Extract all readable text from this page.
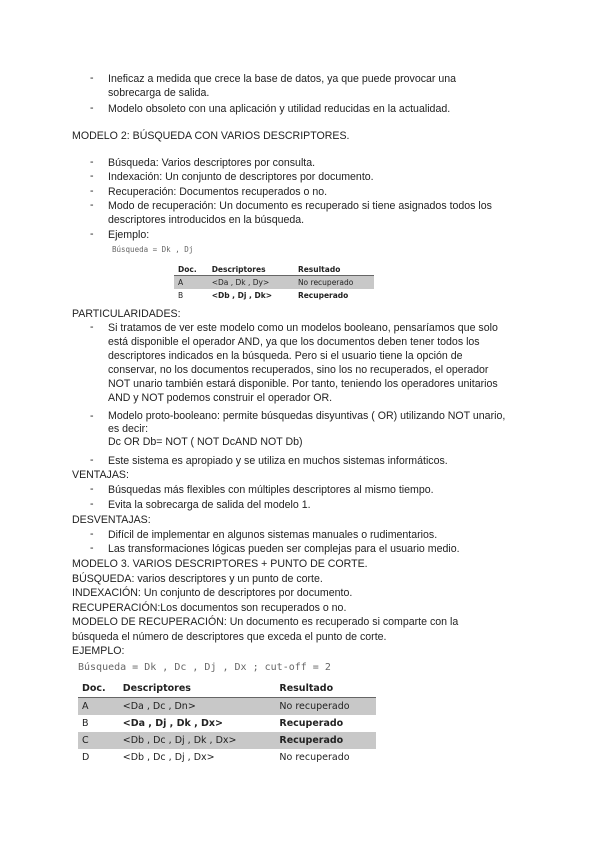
- Ineficaz a medida que crece la base de datos, ya que puede provocar una
sobrecarga de salida.
- Modelo obsoleto con una aplicación y utilidad reducidas en la actualidad.
MODELO 2: BÚSQUEDA CON VARIOS DESCRIPTORES.
- Búsqueda: Varios descriptores por consulta.
- Indexación: Un conjunto de descriptores por documento.
- Recuperación: Documentos recuperados o no.
- Modo de recuperación: Un documento es recuperado si tiene asignados todos los
descriptores introducidos en la búsqueda.
- Ejemplo:
Búsqueda = Dk , Dj
Doc.	Descriptores	Resultado
A	<Da , Dk , Dy>	No recuperado
B	<Db , Dj , Dk>	Recuperado
PARTICULARIDADES:
- Si tratamos de ver este modelo como un modelos booleano, pensaríamos que solo
está disponible el operador AND, ya que los documentos deben tener todos los
descriptores indicados en la búsqueda. Pero si el usuario tiene la opción de
conservar, no los documentos recuperados, sino los no recuperados, el operador
NOT unario también estará disponible. Por tanto, teniendo los operadores unitarios
AND y NOT podemos construir el operador OR.
- Modelo proto-booleano: permite búsquedas disyuntivas ( OR) utilizando NOT unario,
es decir:
Dc OR Db= NOT ( NOT DcAND NOT Db)
- Este sistema es apropiado y se utiliza en muchos sistemas informáticos.
VENTAJAS:
- Búsquedas más flexibles con múltiples descriptores al mismo tiempo.
- Evita la sobrecarga de salida del modelo 1.
DESVENTAJAS:
- Difícil de implementar en algunos sistemas manuales o rudimentarios.
- Las transformaciones lógicas pueden ser complejas para el usuario medio.
MODELO 3. VARIOS DESCRIPTORES + PUNTO DE CORTE.
BÚSQUEDA: varios descriptores y un punto de corte.
INDEXACIÓN: Un conjunto de descriptores por documento.
RECUPERACIÓN:Los documentos son recuperados o no.
MODELO DE RECUPERACIÓN: Un documento es recuperado si comparte con la
búsqueda el número de descriptores que exceda el punto de corte.
EJEMPLO:
Búsqueda = Dk , Dc , Dj , Dx ; cut-off = 2
Doc.	Descriptores	Resultado
A	<Da , Dc , Dn>	No recuperado
B	<Da , Dj , Dk , Dx>	Recuperado
C	<Db , Dc , Dj , Dk , Dx>	Recuperado
D	<Db , Dc , Dj , Dx>	No recuperado
